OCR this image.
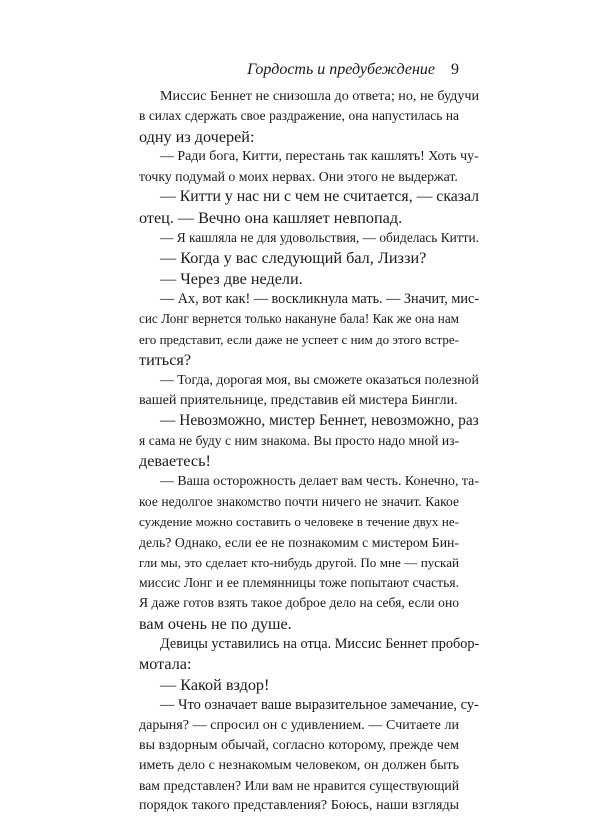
Гордость и предубеждение 9
Миссис Беннет не снизошла до ответа; но, не будучи
в силах сдержать свое раздражение, она напустилась на
одну из дочерей:
— Ради бога, Китти, перестань так кашлять! Хоть чу-
точку подумай о моих нервах. Они этого не выдержат.
— Китти у нас ни с чем не считается, — сказал
отец. — Вечно она кашляет невпопад.
— Я кашляла не для удовольствия, — обиделась Китти.
— Когда у вас следующий бал, Лиззи?
— Через две недели.
— Ах, вот как! — воскликнула мать. — Значит, мис-
сис Лонг вернется только накануне бала! Как же она нам
его представит, если даже не успеет с ним до этого встре-
титься?
— Тогда, дорогая моя, вы сможете оказаться полезной
вашей приятельнице, представив ей мистера Бингли.
— Невозможно, мистер Беннет, невозможно, раз
я сама не буду с ним знакома. Вы просто надо мной из-
деваетесь!
— Ваша осторожность делает вам честь. Конечно, та-
кое недолгое знакомство почти ничего не значит. Какое
суждение можно составить о человеке в течение двух не-
дель? Однако, если ее не познакомим с мистером Бин-
гли мы, это сделает кто-нибудь другой. По мне — пускай
миссис Лонг и ее племянницы тоже попытают счастья.
Я даже готов взять такое доброе дело на себя, если оно
вам очень не по душе.
Девицы уставились на отца. Миссис Беннет пробор-
мотала:
— Какой вздор!
— Что означает ваше выразительное замечание, су-
даpыня? — спросил он с удивлением. — Считаете ли
вы вздорным обычай, согласно которому, прежде чем
иметь дело с незнакомым человеком, он должен быть
вам представлен? Или вам не нравится существующий
порядок такого представления? Боюсь, наши взгляды
